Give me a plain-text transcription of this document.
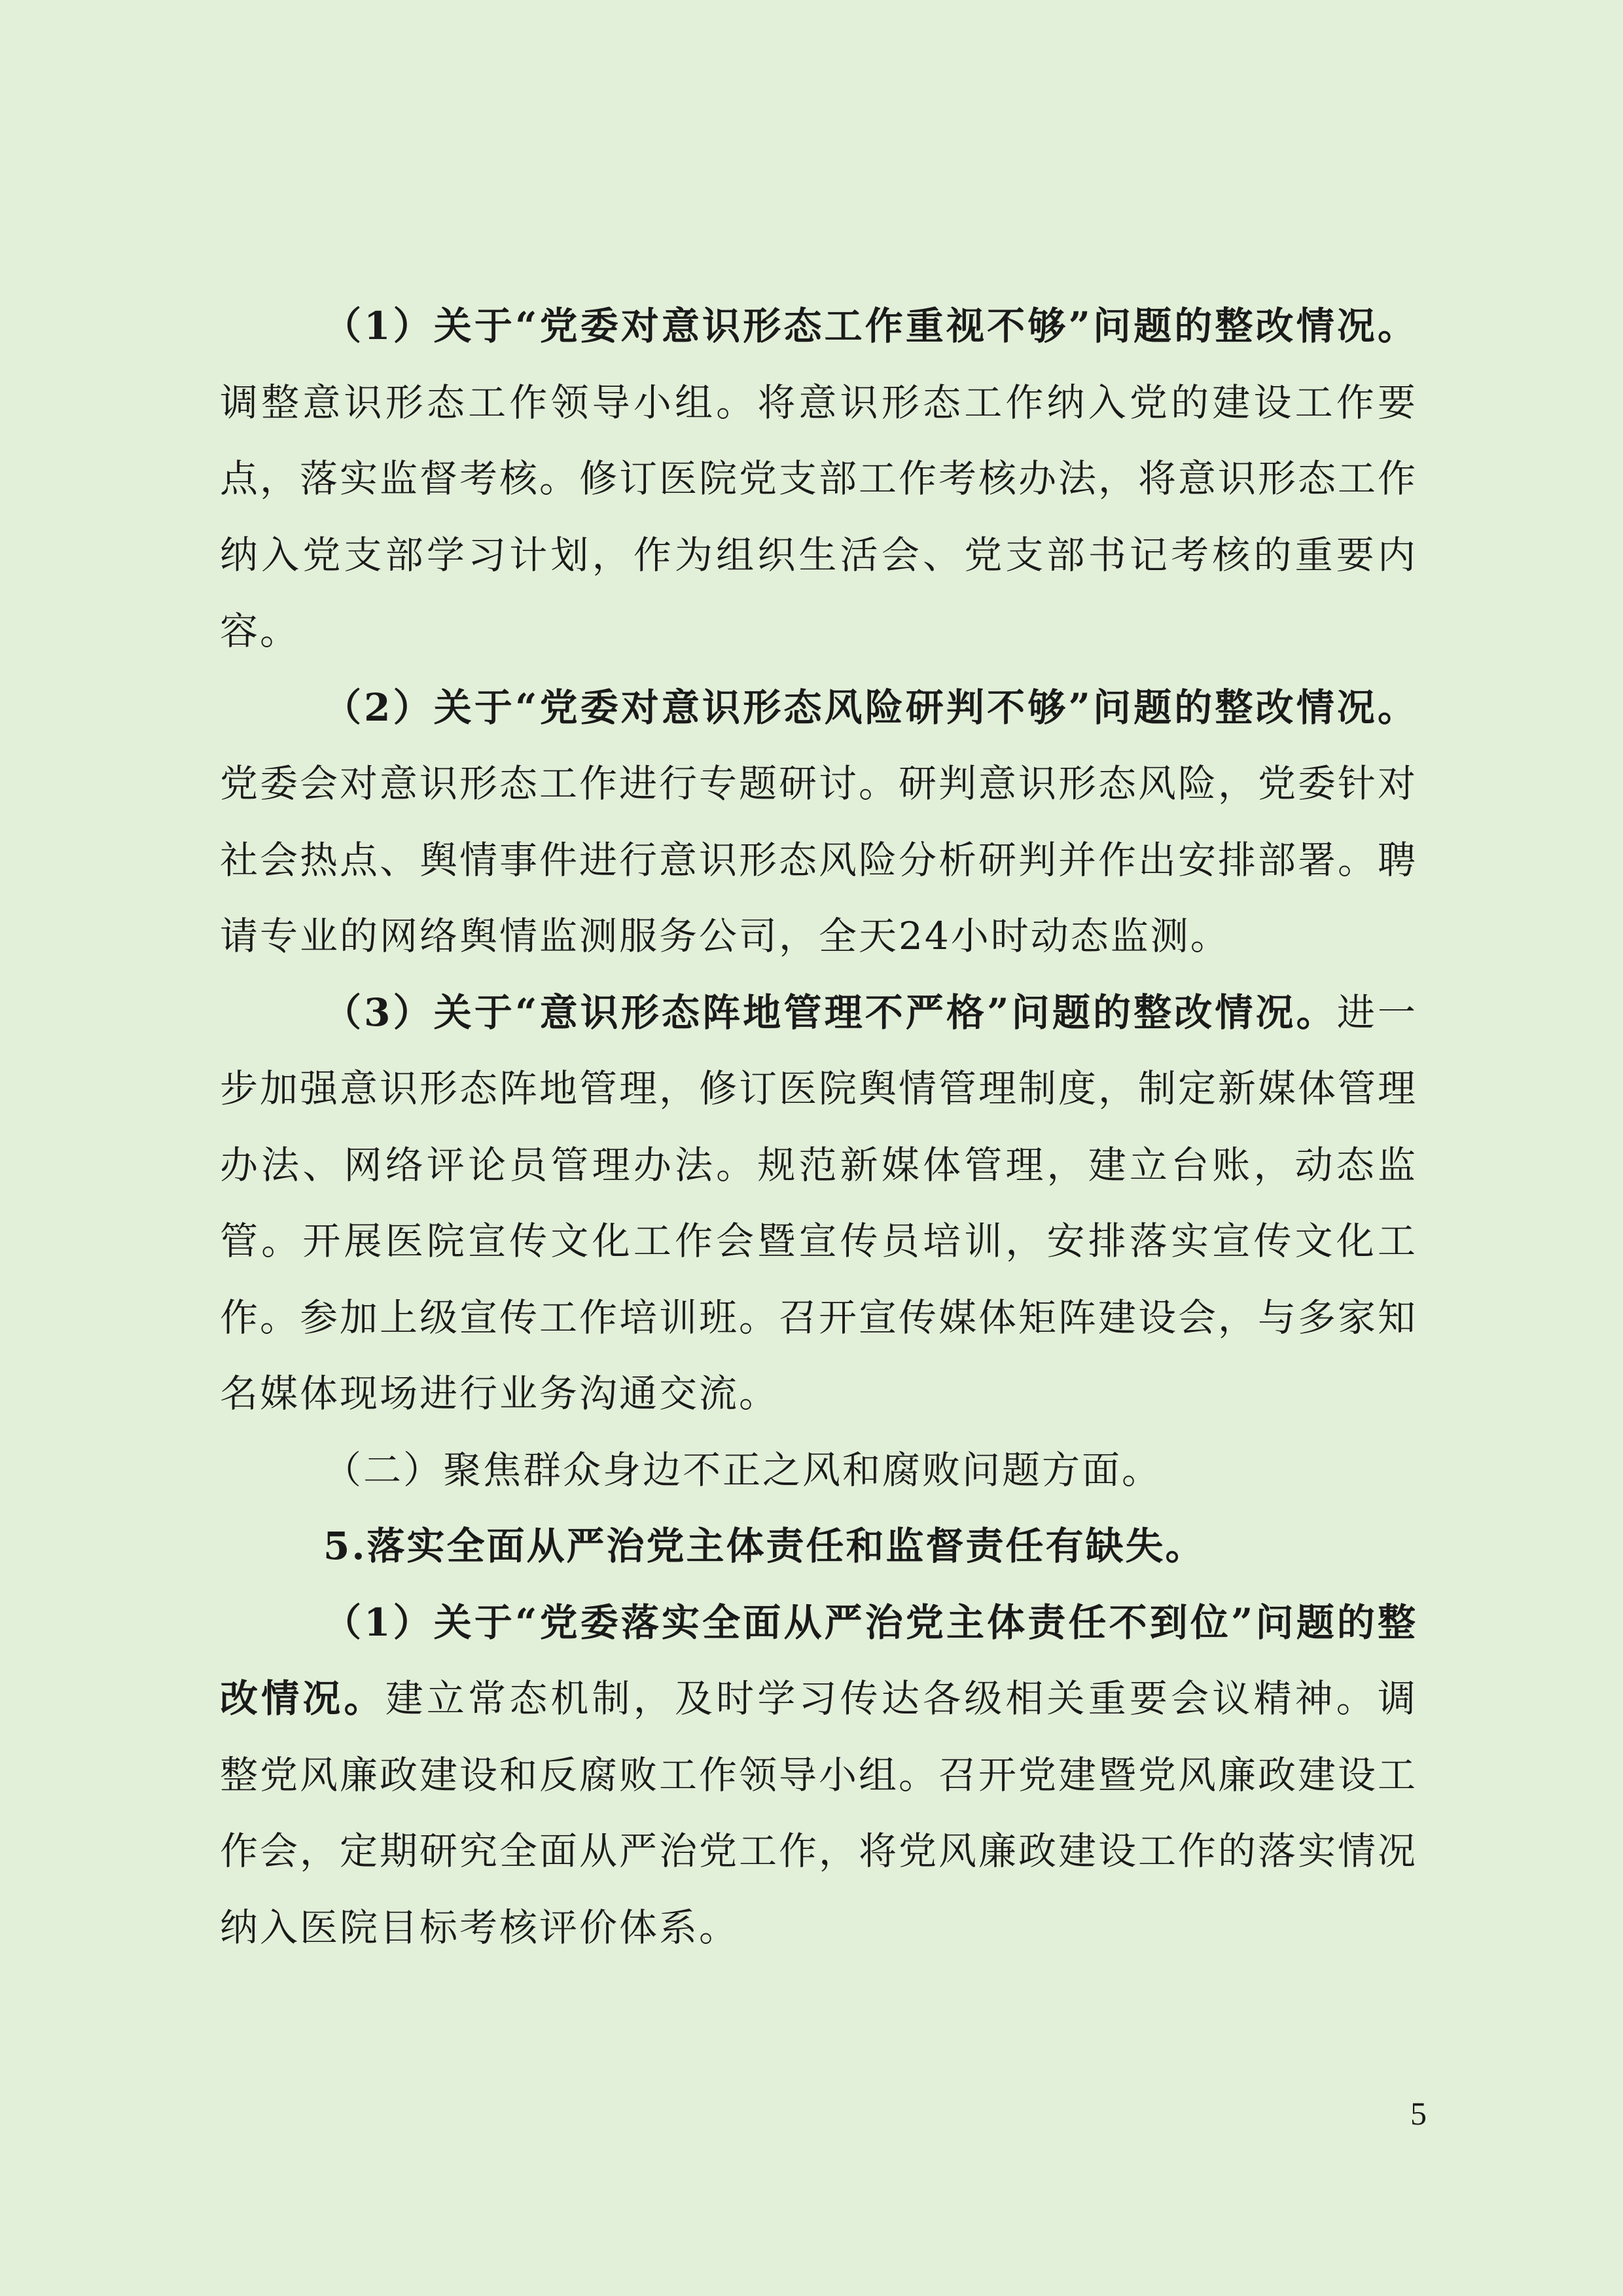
（1）关于“党委对意识形态工作重视不够”问题的整改情况。调整意识形态工作领导小组。将意识形态工作纳入党的建设工作要点，落实监督考核。修订医院党支部工作考核办法，将意识形态工作纳入党支部学习计划，作为组织生活会、党支部书记考核的重要内容。

（2）关于“党委对意识形态风险研判不够”问题的整改情况。党委会对意识形态工作进行专题研讨。研判意识形态风险，党委针对社会热点、舆情事件进行意识形态风险分析研判并作出安排部署。聘请专业的网络舆情监测服务公司，全天24小时动态监测。

（3）关于“意识形态阵地管理不严格”问题的整改情况。进一步加强意识形态阵地管理，修订医院舆情管理制度，制定新媒体管理办法、网络评论员管理办法。规范新媒体管理，建立台账，动态监管。开展医院宣传文化工作会暨宣传员培训，安排落实宣传文化工作。参加上级宣传工作培训班。召开宣传媒体矩阵建设会，与多家知名媒体现场进行业务沟通交流。

（二）聚焦群众身边不正之风和腐败问题方面。

5.落实全面从严治党主体责任和监督责任有缺失。

（1）关于“党委落实全面从严治党主体责任不到位”问题的整改情况。建立常态机制，及时学习传达各级相关重要会议精神。调整党风廉政建设和反腐败工作领导小组。召开党建暨党风廉政建设工作会，定期研究全面从严治党工作，将党风廉政建设工作的落实情况纳入医院目标考核评价体系。

5
